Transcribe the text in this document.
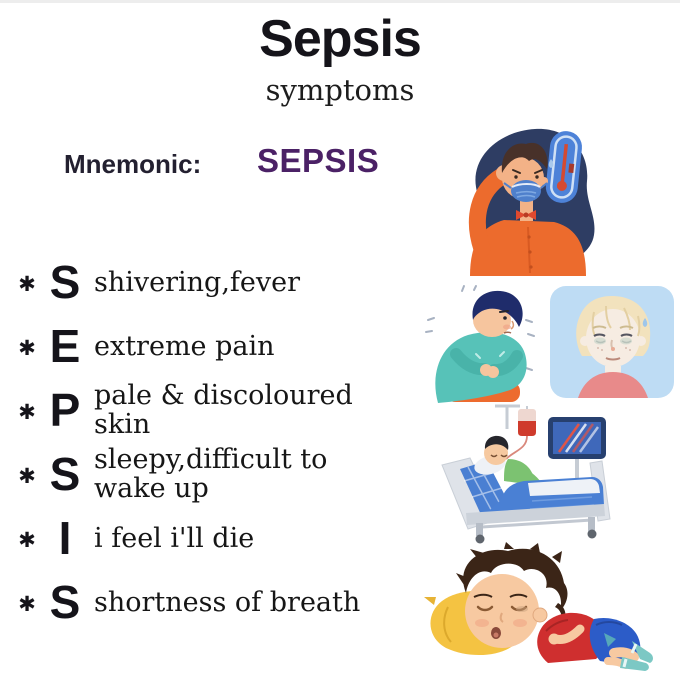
Sepsis
symptoms
Mnemonic: SEPSIS
✱ S shivering,fever
✱ E extreme pain
✱ P pale & discoloured
skin
✱ S sleepy,difficult to
wake up
✱ I i feel i'll die
✱ S shortness of breath
